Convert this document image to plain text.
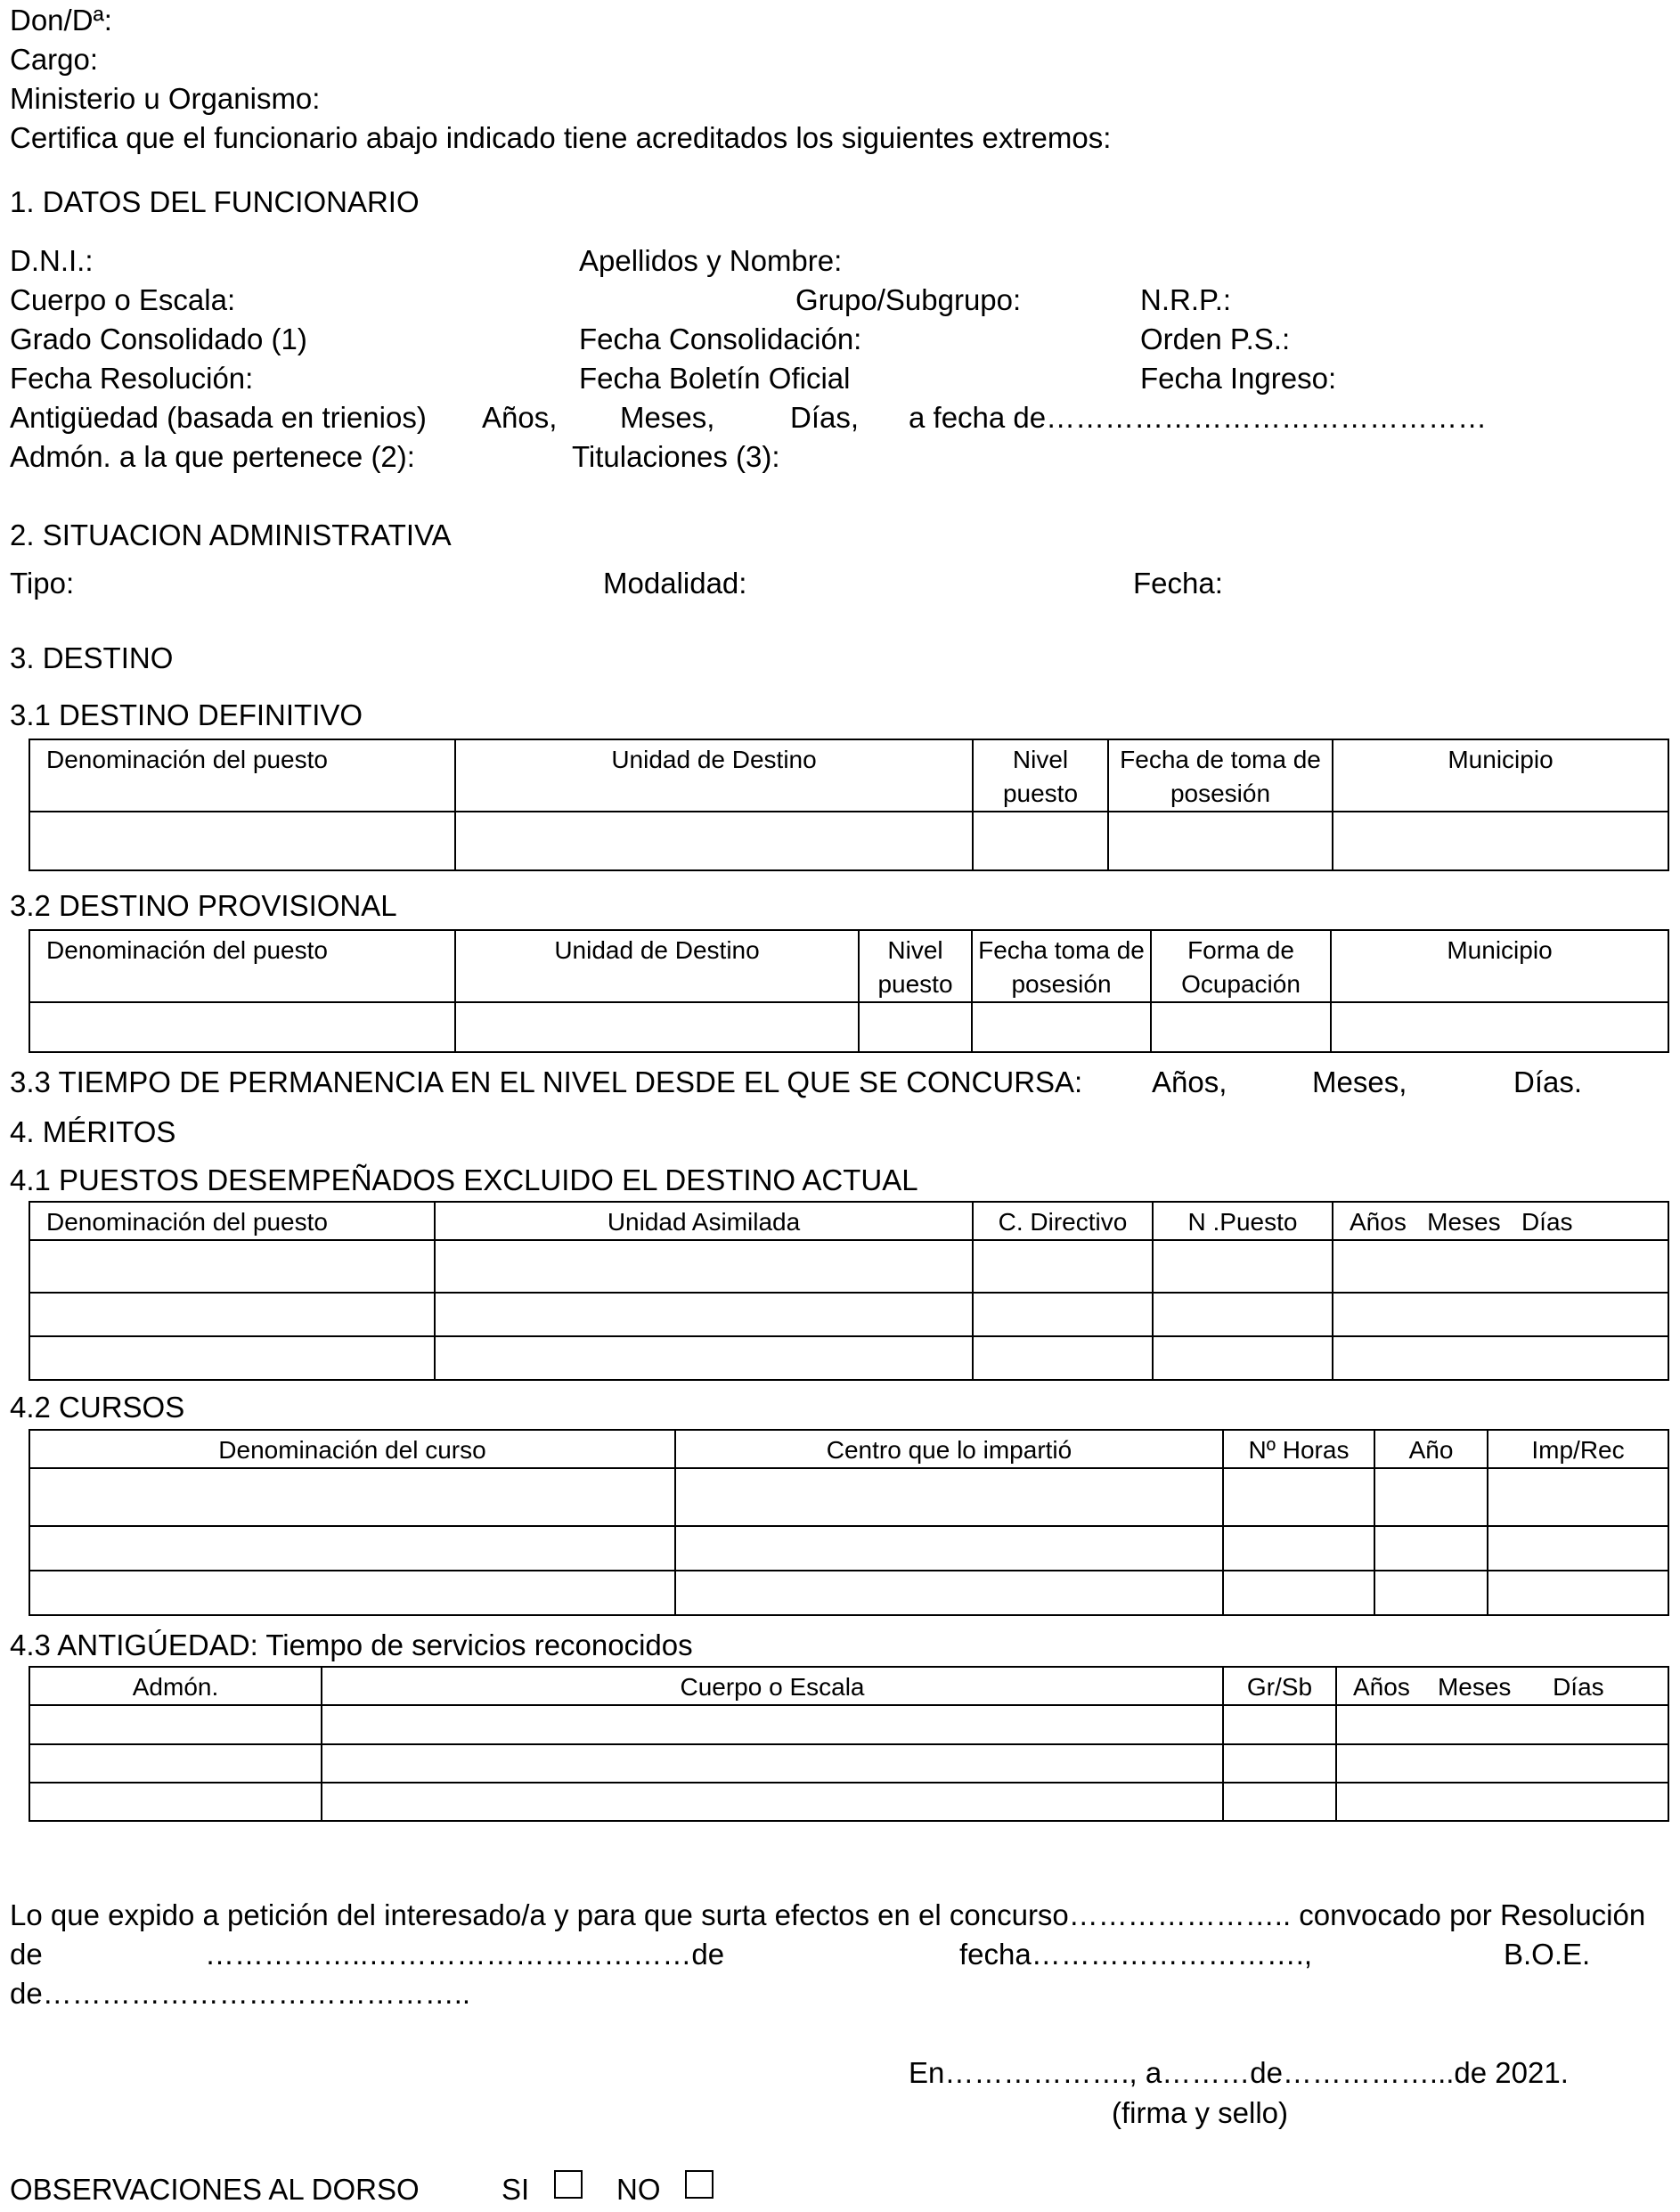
Don/Dª:
Cargo:
Ministerio u Organismo:
Certifica que el funcionario abajo indicado tiene acreditados los siguientes extremos:
1. DATOS DEL FUNCIONARIO
D.N.I.:	Apellidos y Nombre:
Cuerpo o Escala:	Grupo/Subgrupo:	N.R.P.:
Grado Consolidado (1)	Fecha Consolidación:	Orden P.S.:
Fecha Resolución:	Fecha Boletín Oficial	Fecha Ingreso:
Antigüedad (basada en trienios) Años, Meses,	Días, a fecha de………………………………………
Admón. a la que pertenece (2):	Titulaciones (3):
2. SITUACION ADMINISTRATIVA
Tipo:	Modalidad:	Fecha:
3. DESTINO
3.1 DESTINO DEFINITIVO
Denominación del puesto	Unidad de Destino	Nivel puesto	Fecha de toma de posesión	Municipio

3.2 DESTINO PROVISIONAL
Denominación del puesto	Unidad de Destino	Nivel puesto	Fecha toma de posesión	Forma de Ocupación	Municipio

3.3 TIEMPO DE PERMANENCIA EN EL NIVEL DESDE EL QUE SE CONCURSA: Años,	Meses,	Días.
4. MÉRITOS
4.1 PUESTOS DESEMPEÑADOS EXCLUIDO EL DESTINO ACTUAL
Denominación del puesto	Unidad Asimilada	C. Directivo	N .Puesto	Años   Meses   Días

4.2 CURSOS
Denominación del curso	Centro que lo impartió	Nº Horas	Año	Imp/Rec

4.3 ANTIGÚEDAD: Tiempo de servicios reconocidos
Admón.	Cuerpo o Escala	Gr/Sb	Años    Meses      Días

Lo que expido a petición del interesado/a y para que surta efectos en el concurso………………….. convocado por Resolución
de	……………..……………………………de	fecha……………………….,	B.O.E.
de……………………………………..
En………………., a………de……………...de 2021.
(firma y sello)
OBSERVACIONES AL DORSO	SI	NO
